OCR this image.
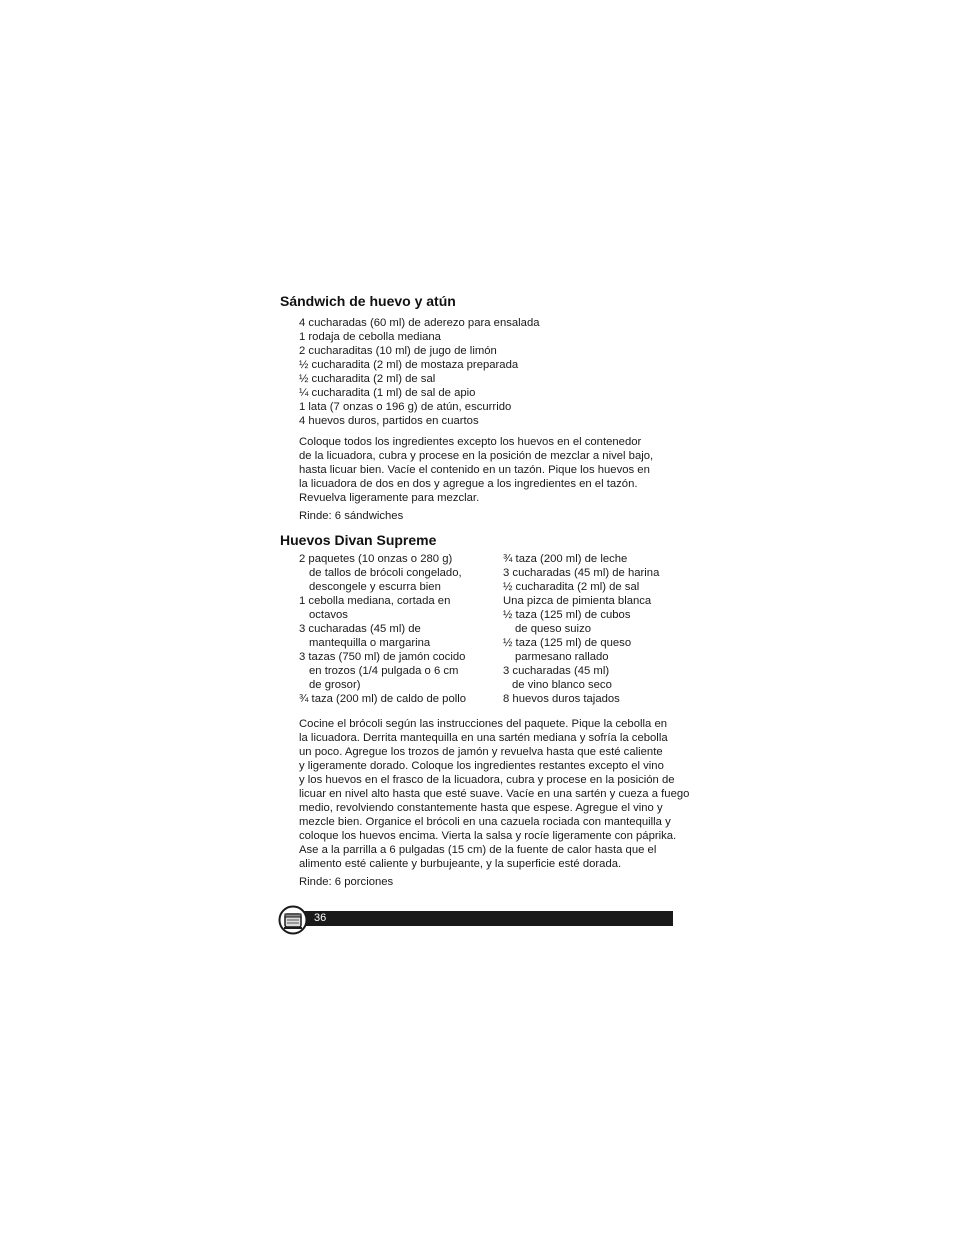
Sándwich de huevo y atún
4 cucharadas (60 ml) de aderezo para ensalada
1 rodaja de cebolla mediana
2 cucharaditas (10 ml) de jugo de limón
½ cucharadita (2 ml) de mostaza preparada
½ cucharadita (2 ml) de sal
¼ cucharadita (1 ml) de sal de apio
1 lata (7 onzas o 196 g) de atún, escurrido
4 huevos duros, partidos en cuartos
Coloque todos los ingredientes excepto los huevos en el contenedor
de la licuadora, cubra y procese en la posición de mezclar a nivel bajo,
hasta licuar bien. Vacíe el contenido en un tazón. Pique los huevos en
la licuadora de dos en dos y agregue a los ingredientes en el tazón.
Revuelva ligeramente para mezclar.
Rinde: 6 sándwiches
Huevos Divan Supreme
2 paquetes (10 onzas o 280 g)
de tallos de brócoli congelado,
descongele y escurra bien
1 cebolla mediana, cortada en
octavos
3 cucharadas (45 ml) de
mantequilla o margarina
3 tazas (750 ml) de jamón cocido
en trozos (1/4 pulgada o 6 cm
de grosor)
¾ taza (200 ml) de caldo de pollo
¾ taza (200 ml) de leche
3 cucharadas (45 ml) de harina
½ cucharadita (2 ml) de sal
Una pizca de pimienta blanca
½ taza (125 ml) de cubos
de queso suizo
½ taza (125 ml) de queso
parmesano rallado
3 cucharadas (45 ml)
de vino blanco seco
8 huevos duros tajados
Cocine el brócoli según las instrucciones del paquete. Pique la cebolla en
la licuadora. Derrita mantequilla en una sartén mediana y sofría la cebolla
un poco. Agregue los trozos de jamón y revuelva hasta que esté caliente
y ligeramente dorado. Coloque los ingredientes restantes excepto el vino
y los huevos en el frasco de la licuadora, cubra y procese en la posición de
licuar en nivel alto hasta que esté suave. Vacíe en una sartén y cueza a fuego
medio, revolviendo constantemente hasta que espese. Agregue el vino y
mezcle bien. Organice el brócoli en una cazuela rociada con mantequilla y
coloque los huevos encima. Vierta la salsa y rocíe ligeramente con páprika.
Ase a la parrilla a 6 pulgadas (15 cm) de la fuente de calor hasta que el
alimento esté caliente y burbujeante, y la superficie esté dorada.
Rinde: 6 porciones
36
